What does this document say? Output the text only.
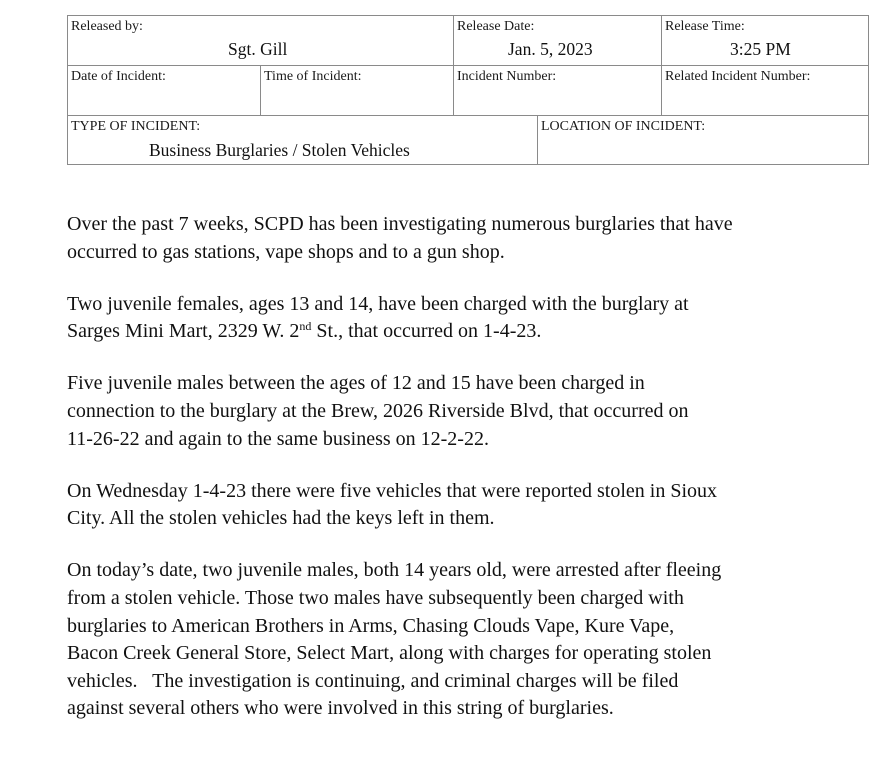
Released by:
Sgt. Gill
Release Date:
Jan. 5, 2023
Release Time:
3:25 PM
Date of Incident:	Time of Incident:	Incident Number:	Related Incident Number:
TYPE OF INCIDENT:
Business Burglaries / Stolen Vehicles
LOCATION OF INCIDENT:

Over the past 7 weeks, SCPD has been investigating numerous burglaries that have
occurred to gas stations, vape shops and to a gun shop.

Two juvenile females, ages 13 and 14, have been charged with the burglary at
Sarges Mini Mart, 2329 W. 2nd St., that occurred on 1-4-23.

Five juvenile males between the ages of 12 and 15 have been charged in
connection to the burglary at the Brew, 2026 Riverside Blvd, that occurred on
11-26-22 and again to the same business on 12-2-22.

On Wednesday 1-4-23 there were five vehicles that were reported stolen in Sioux
City. All the stolen vehicles had the keys left in them.

On today’s date, two juvenile males, both 14 years old, were arrested after fleeing
from a stolen vehicle. Those two males have subsequently been charged with
burglaries to American Brothers in Arms, Chasing Clouds Vape, Kure Vape,
Bacon Creek General Store, Select Mart, along with charges for operating stolen
vehicles.   The investigation is continuing, and criminal charges will be filed
against several others who were involved in this string of burglaries.
